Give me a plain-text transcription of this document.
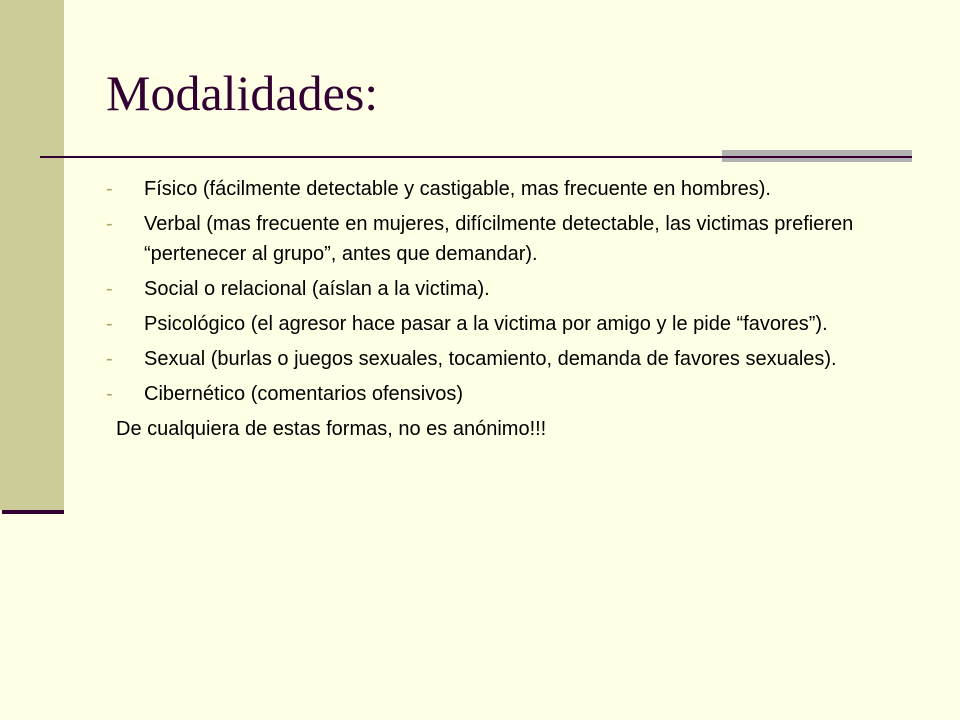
Modalidades:
-	Físico (fácilmente detectable y castigable, mas frecuente en hombres).
-	Verbal (mas frecuente en mujeres, difícilmente detectable, las victimas prefieren “pertenecer al grupo”, antes que demandar).
-	Social o relacional (aíslan a la victima).
-	Psicológico (el agresor hace pasar a la victima por amigo y le pide “favores”).
-	Sexual (burlas o juegos sexuales, tocamiento, demanda de favores sexuales).
-	Cibernético (comentarios ofensivos)

De cualquiera de estas formas, no es anónimo!!!
